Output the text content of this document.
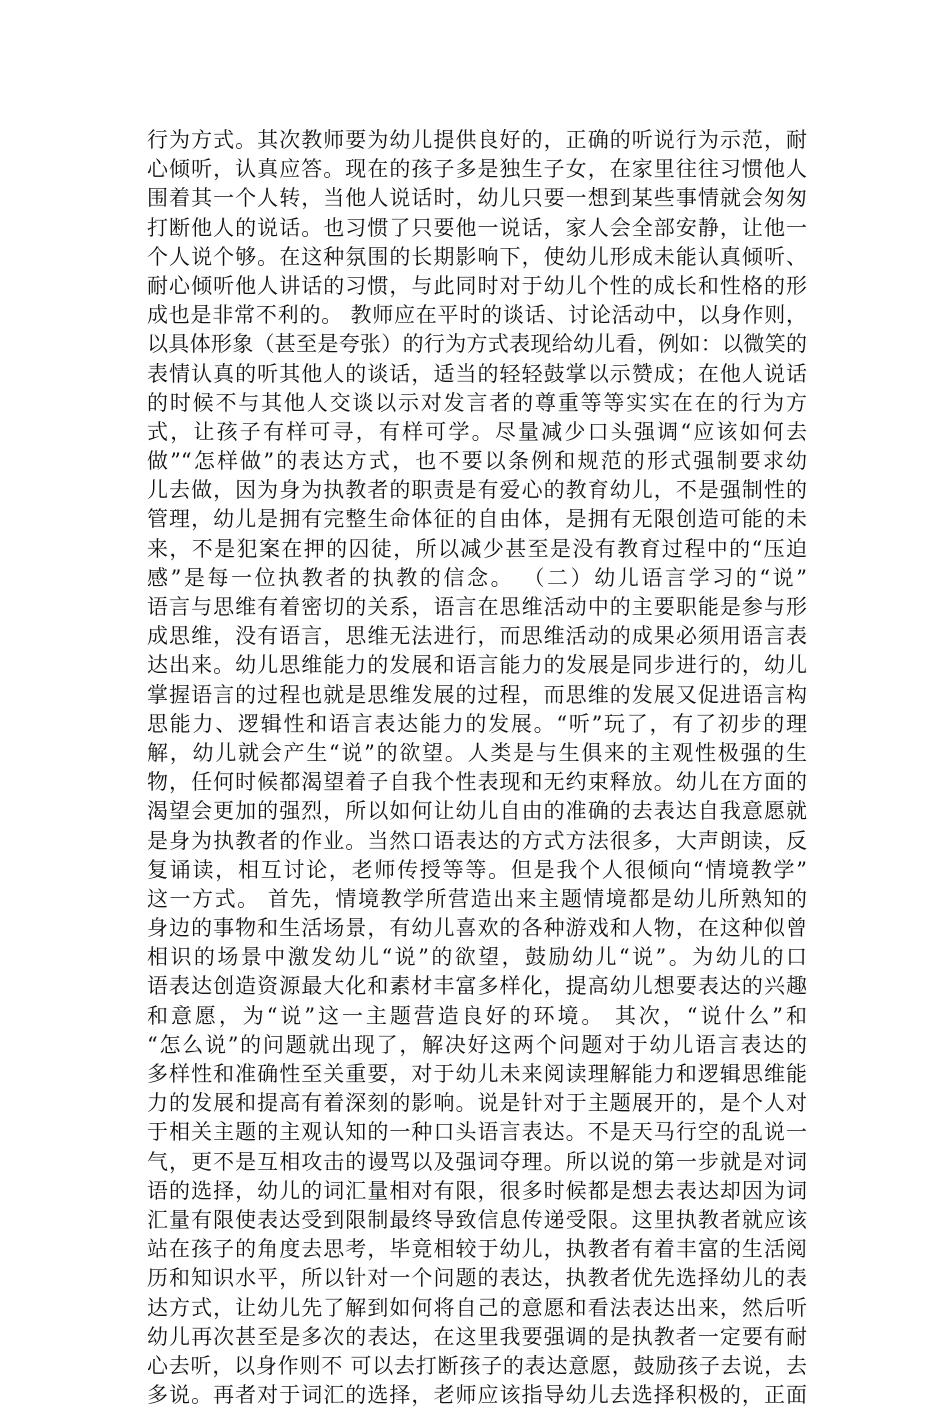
行为方式。其次教师要为幼儿提供良好的，正确的听说行为示范，耐
心倾听，认真应答。现在的孩子多是独生子女，在家里往往习惯他人
围着其一个人转，当他人说话时，幼儿只要一想到某些事情就会匆匆
打断他人的说话。也习惯了只要他一说话，家人会全部安静，让他一
个人说个够。在这种氛围的长期影响下，使幼儿形成未能认真倾听、
耐心倾听他人讲话的习惯，与此同时对于幼儿个性的成长和性格的形
成也是非常不利的。 教师应在平时的谈话、讨论活动中，以身作则，
以具体形象（甚至是夸张）的行为方式表现给幼儿看，例如：以微笑的
表情认真的听其他人的谈话，适当的轻轻鼓掌以示赞成；在他人说话
的时候不与其他人交谈以示对发言者的尊重等等实实在在的行为方
式，让孩子有样可寻，有样可学。尽量减少口头强调“应该如何去
做”“怎样做”的表达方式，也不要以条例和规范的形式强制要求幼
儿去做，因为身为执教者的职责是有爱心的教育幼儿，不是强制性的
管理，幼儿是拥有完整生命体征的自由体，是拥有无限创造可能的未
来，不是犯案在押的囚徒，所以减少甚至是没有教育过程中的“压迫
感”是每一位执教者的执教的信念。 （二）幼儿语言学习的“说”
语言与思维有着密切的关系，语言在思维活动中的主要职能是参与形
成思维，没有语言，思维无法进行，而思维活动的成果必须用语言表
达出来。幼儿思维能力的发展和语言能力的发展是同步进行的，幼儿
掌握语言的过程也就是思维发展的过程，而思维的发展又促进语言构
思能力、逻辑性和语言表达能力的发展。“听”玩了，有了初步的理
解，幼儿就会产生“说”的欲望。人类是与生俱来的主观性极强的生
物，任何时候都渴望着子自我个性表现和无约束释放。幼儿在方面的
渴望会更加的强烈，所以如何让幼儿自由的准确的去表达自我意愿就
是身为执教者的作业。当然口语表达的方式方法很多，大声朗读，反
复诵读，相互讨论，老师传授等等。但是我个人很倾向“情境教学”
这一方式。 首先，情境教学所营造出来主题情境都是幼儿所熟知的
身边的事物和生活场景，有幼儿喜欢的各种游戏和人物，在这种似曾
相识的场景中激发幼儿“说”的欲望，鼓励幼儿“说”。为幼儿的口
语表达创造资源最大化和素材丰富多样化，提高幼儿想要表达的兴趣
和意愿，为“说”这一主题营造良好的环境。 其次，“说什么”和
“怎么说”的问题就出现了，解决好这两个问题对于幼儿语言表达的
多样性和准确性至关重要，对于幼儿未来阅读理解能力和逻辑思维能
力的发展和提高有着深刻的影响。说是针对于主题展开的，是个人对
于相关主题的主观认知的一种口头语言表达。不是天马行空的乱说一
气，更不是互相攻击的谩骂以及强词夺理。所以说的第一步就是对词
语的选择，幼儿的词汇量相对有限，很多时候都是想去表达却因为词
汇量有限使表达受到限制最终导致信息传递受限。这里执教者就应该
站在孩子的角度去思考，毕竟相较于幼儿，执教者有着丰富的生活阅
历和知识水平，所以针对一个问题的表达，执教者优先选择幼儿的表
达方式，让幼儿先了解到如何将自己的意愿和看法表达出来，然后听
幼儿再次甚至是多次的表达，在这里我要强调的是执教者一定要有耐
心去听，以身作则不 可以去打断孩子的表达意愿，鼓励孩子去说，去
多说。再者对于词汇的选择，老师应该指导幼儿去选择积极的，正面
